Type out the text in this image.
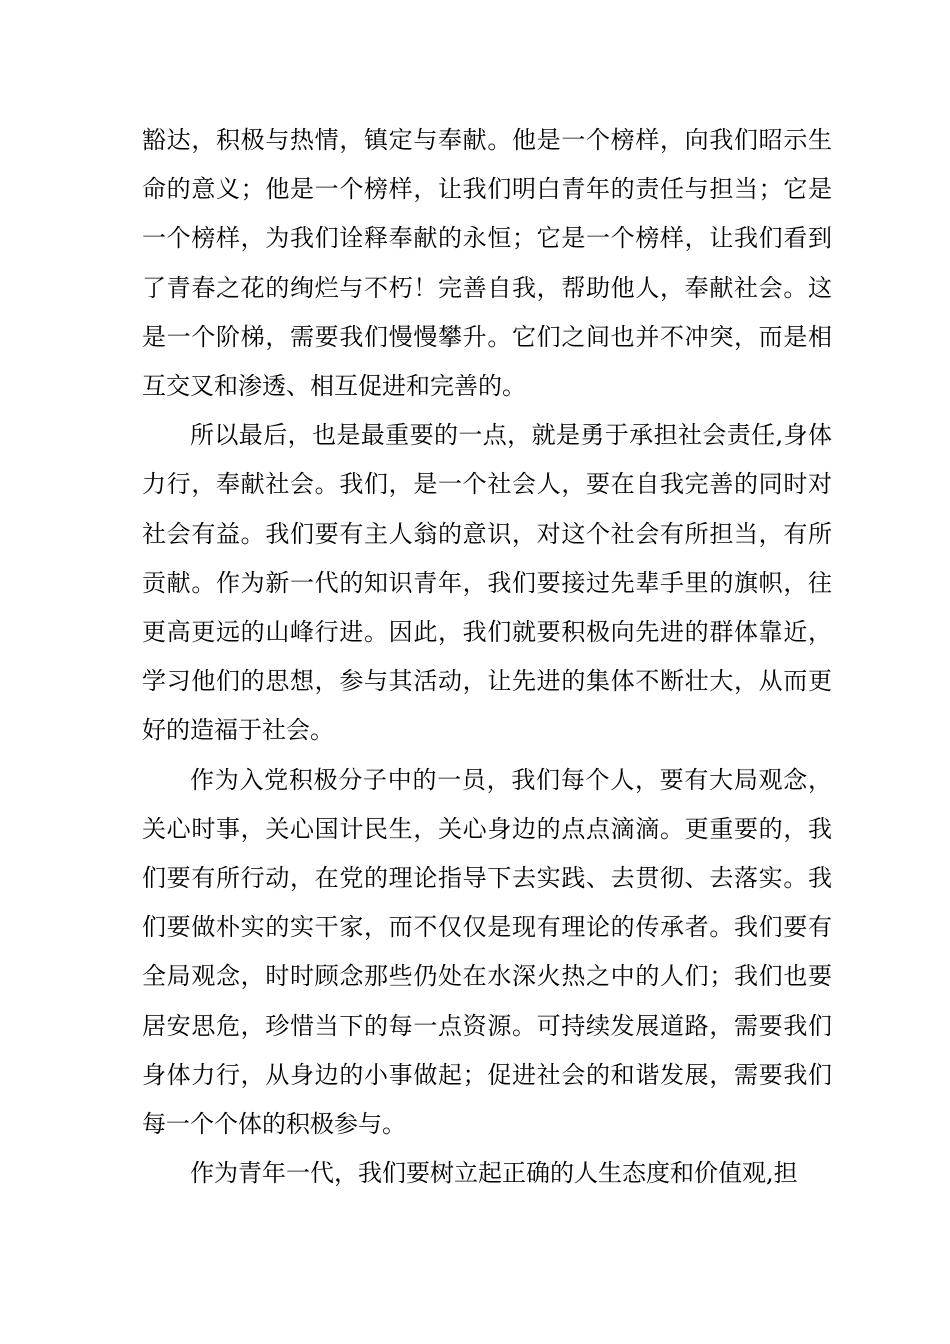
豁达，积极与热情，镇定与奉献。他是一个榜样，向我们昭示生命的意义；他是一个榜样，让我们明白青年的责任与担当；它是一个榜样，为我们诠释奉献的永恒；它是一个榜样，让我们看到了青春之花的绚烂与不朽！完善自我，帮助他人，奉献社会。这是一个阶梯，需要我们慢慢攀升。它们之间也并不冲突，而是相互交叉和渗透、相互促进和完善的。

所以最后，也是最重要的一点，就是勇于承担社会责任,身体力行，奉献社会。我们，是一个社会人，要在自我完善的同时对社会有益。我们要有主人翁的意识，对这个社会有所担当，有所贡献。作为新一代的知识青年，我们要接过先辈手里的旗帜，往更高更远的山峰行进。因此，我们就要积极向先进的群体靠近，学习他们的思想，参与其活动，让先进的集体不断壮大，从而更好的造福于社会。

作为入党积极分子中的一员，我们每个人，要有大局观念，关心时事，关心国计民生，关心身边的点点滴滴。更重要的，我们要有所行动，在党的理论指导下去实践、去贯彻、去落实。我们要做朴实的实干家，而不仅仅是现有理论的传承者。我们要有全局观念，时时顾念那些仍处在水深火热之中的人们；我们也要居安思危，珍惜当下的每一点资源。可持续发展道路，需要我们身体力行，从身边的小事做起；促进社会的和谐发展，需要我们每一个个体的积极参与。

作为青年一代，我们要树立起正确的人生态度和价值观,担
